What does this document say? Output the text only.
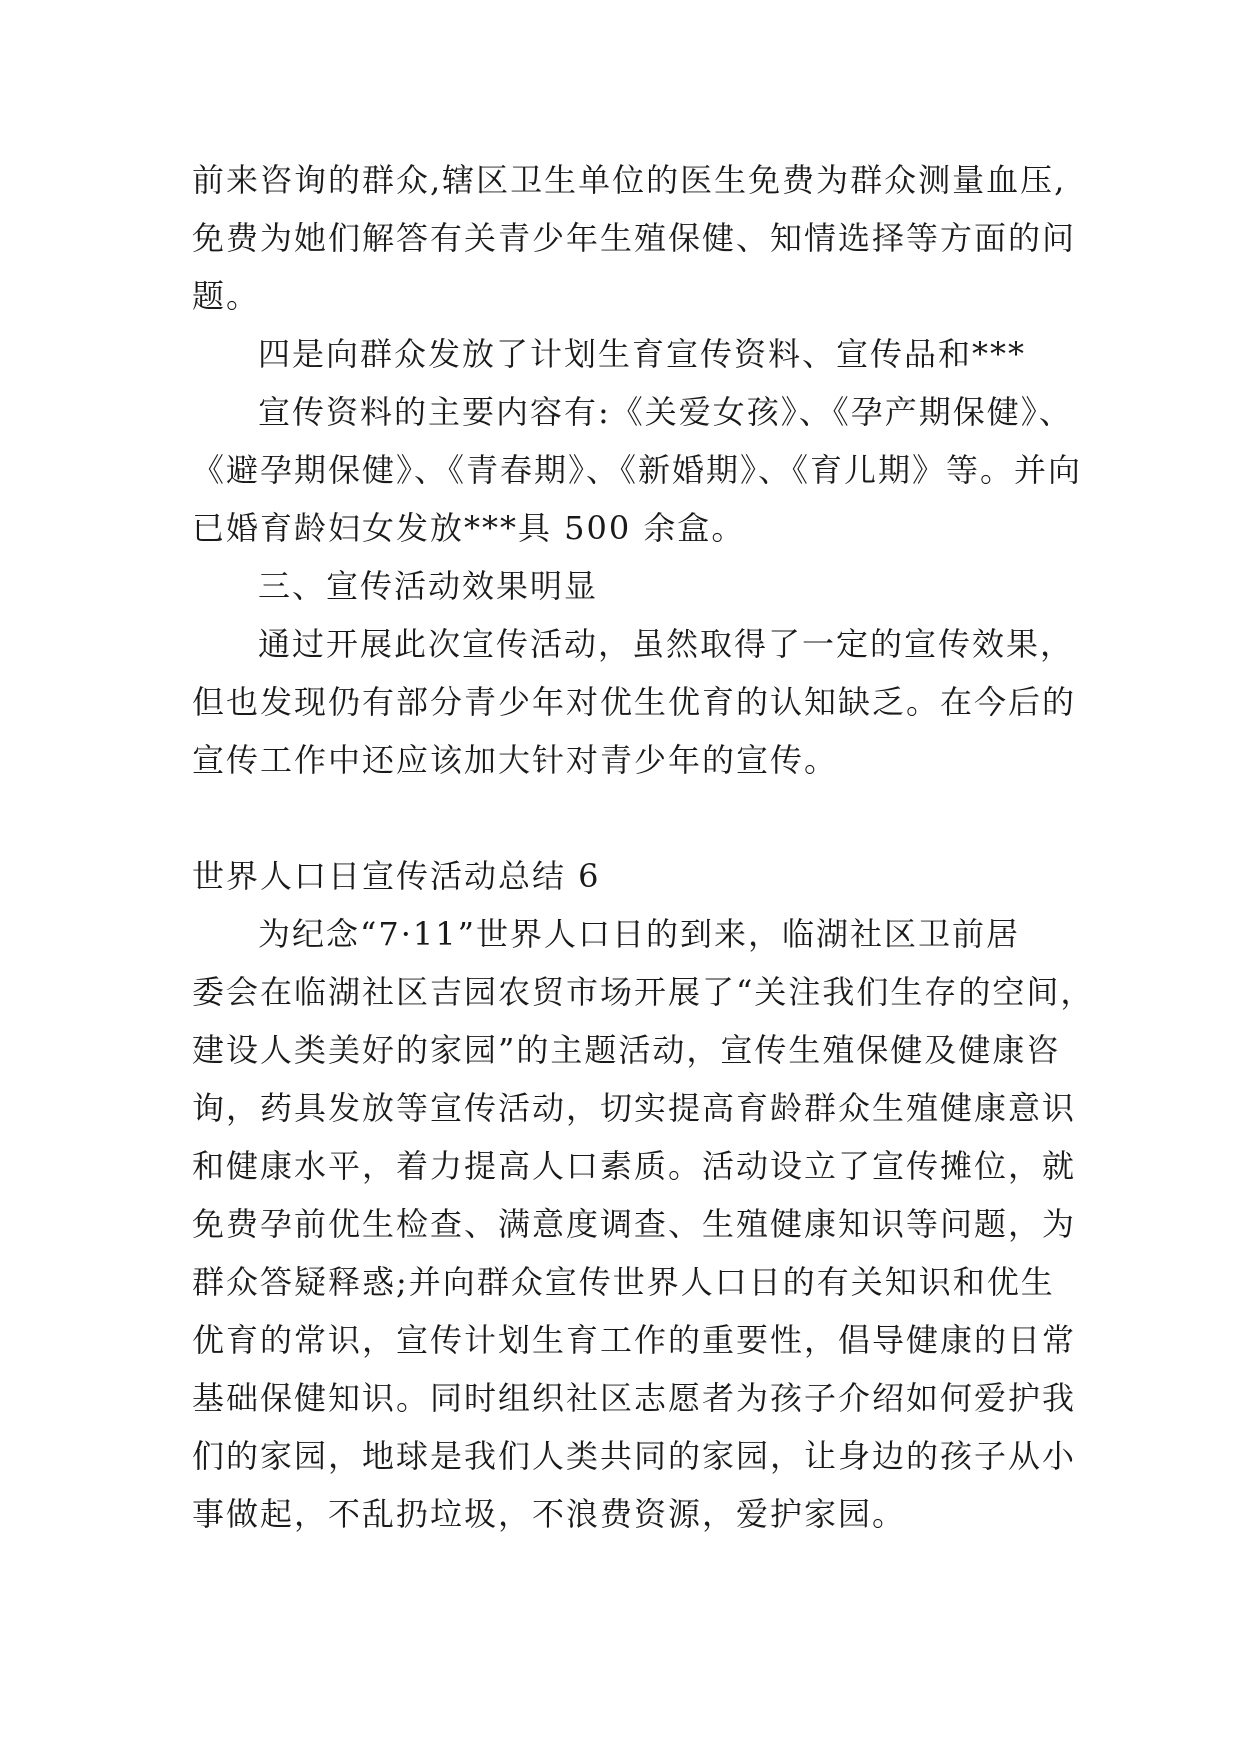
前来咨询的群众,辖区卫生单位的医生免费为群众测量血压,

免费为她们解答有关青少年生殖保健、知情选择等方面的问

题。

四是向群众发放了计划生育宣传资料、宣传品和***

宣传资料的主要内容有:《关爱女孩》、《孕产期保健》、

《避孕期保健》、《青春期》、《新婚期》、《育儿期》等。并向

已婚育龄妇女发放***具 500 余盒。

三、宣传活动效果明显

通过开展此次宣传活动，虽然取得了一定的宣传效果，

但也发现仍有部分青少年对优生优育的认知缺乏。在今后的

宣传工作中还应该加大针对青少年的宣传。

世界人口日宣传活动总结 6

为纪念“7·11”世界人口日的到来，临湖社区卫前居

委会在临湖社区吉园农贸市场开展了“关注我们生存的空间，

建设人类美好的家园”的主题活动，宣传生殖保健及健康咨

询，药具发放等宣传活动，切实提高育龄群众生殖健康意识

和健康水平，着力提高人口素质。活动设立了宣传摊位，就

免费孕前优生检查、满意度调查、生殖健康知识等问题，为

群众答疑释惑;并向群众宣传世界人口日的有关知识和优生

优育的常识，宣传计划生育工作的重要性，倡导健康的日常

基础保健知识。同时组织社区志愿者为孩子介绍如何爱护我

们的家园，地球是我们人类共同的家园，让身边的孩子从小

事做起，不乱扔垃圾，不浪费资源，爱护家园。
